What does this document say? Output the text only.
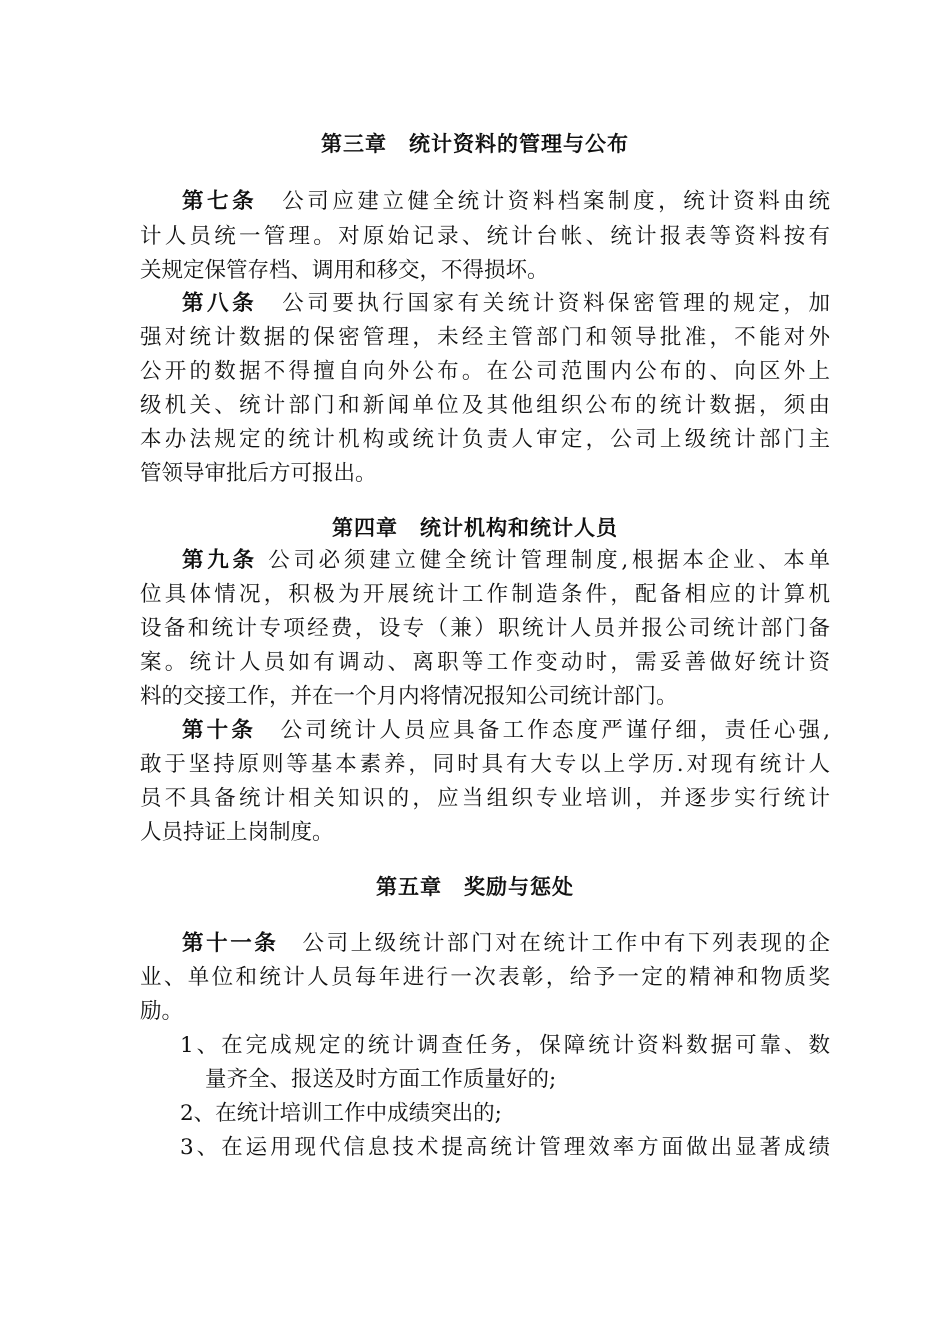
第三章　统计资料的管理与公布
第七条　公司应建立健全统计资料档案制度，统计资料由统
计人员统一管理。对原始记录、统计台帐、统计报表等资料按有
关规定保管存档、调用和移交，不得损坏。
第八条　公司要执行国家有关统计资料保密管理的规定，加
强对统计数据的保密管理，未经主管部门和领导批准，不能对外
公开的数据不得擅自向外公布。在公司范围内公布的、向区外上
级机关、统计部门和新闻单位及其他组织公布的统计数据，须由
本办法规定的统计机构或统计负责人审定，公司上级统计部门主
管领导审批后方可报出。
第四章　统计机构和统计人员
第九条 公司必须建立健全统计管理制度,根据本企业、本单
位具体情况，积极为开展统计工作制造条件，配备相应的计算机
设备和统计专项经费，设专（兼）职统计人员并报公司统计部门备
案。统计人员如有调动、离职等工作变动时，需妥善做好统计资
料的交接工作，并在一个月内将情况报知公司统计部门。
第十条　公司统计人员应具备工作态度严谨仔细，责任心强,
敢于坚持原则等基本素养，同时具有大专以上学历.对现有统计人
员不具备统计相关知识的，应当组织专业培训，并逐步实行统计
人员持证上岗制度。
第五章　奖励与惩处
第十一条　公司上级统计部门对在统计工作中有下列表现的企
业、单位和统计人员每年进行一次表彰，给予一定的精神和物质奖
励。
1、在完成规定的统计调查任务，保障统计资料数据可靠、数
量齐全、报送及时方面工作质量好的;
2、在统计培训工作中成绩突出的;
3、在运用现代信息技术提高统计管理效率方面做出显著成绩
